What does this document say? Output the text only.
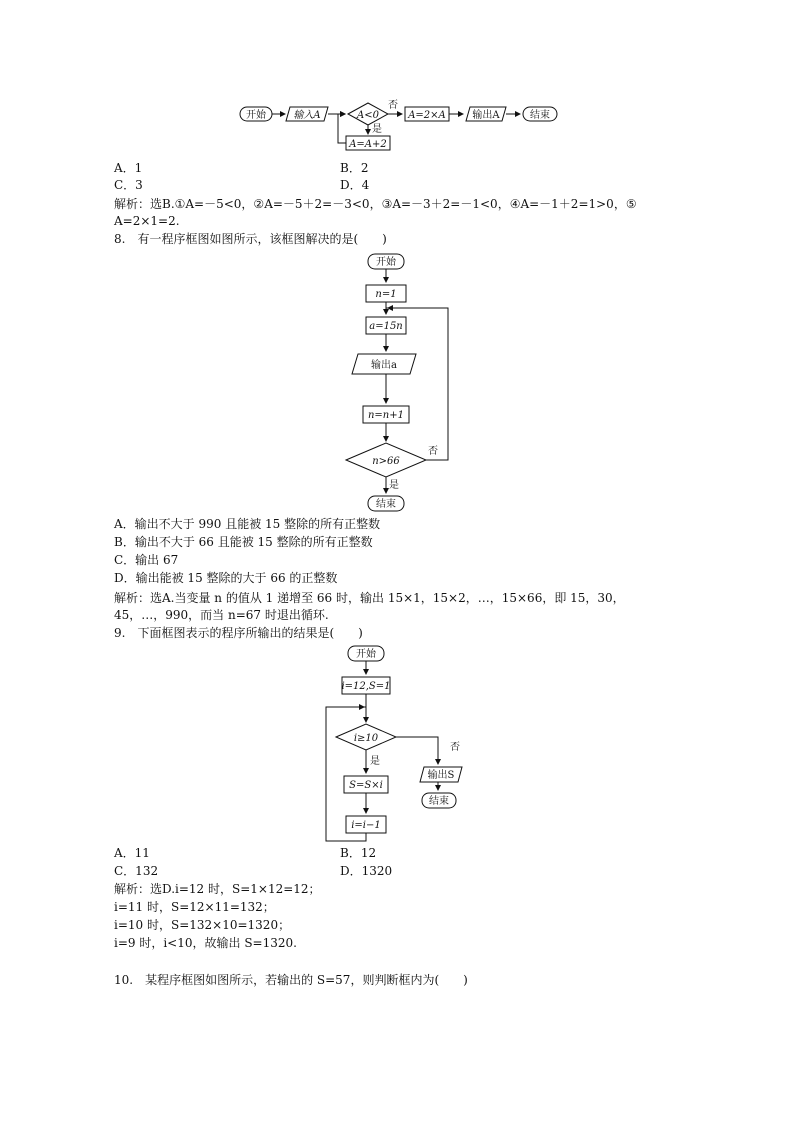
开始	输入A	A<0
否
是
A=2×A	输出A	结束
A=A+2
A．1	B．2
C．3	D．4
解析：选B.①A=－5<0，②A=－5＋2=－3<0，③A=－3＋2=－1<0，④A=－1＋2=1>0，⑤
A=2×1=2.
8.　有一程序框图如图所示，该框图解决的是(　　)
开始
n=1
a=15n
输出a
n=n+1
n>66
否
是
结束
A．输出不大于 990 且能被 15 整除的所有正整数
B．输出不大于 66 且能被 15 整除的所有正整数
C．输出 67
D．输出能被 15 整除的大于 66 的正整数
解析：选A.当变量 n 的值从 1 递增至 66 时，输出 15×1，15×2，…，15×66，即 15，30，
45，…，990，而当 n=67 时退出循环.
9.　下面框图表示的程序所输出的结果是(　　)
开始
i=12,S=1
i≥10
是
否
输出S
结束
S=S×i
i=i−1
A．11	B．12
C．132	D．1320
解析：选D.i=12 时，S=1×12=12；
i=11 时，S=12×11=132；
i=10 时，S=132×10=1320；
i=9 时，i<10，故输出 S=1320.
10.　某程序框图如图所示，若输出的 S=57，则判断框内为(　　)
